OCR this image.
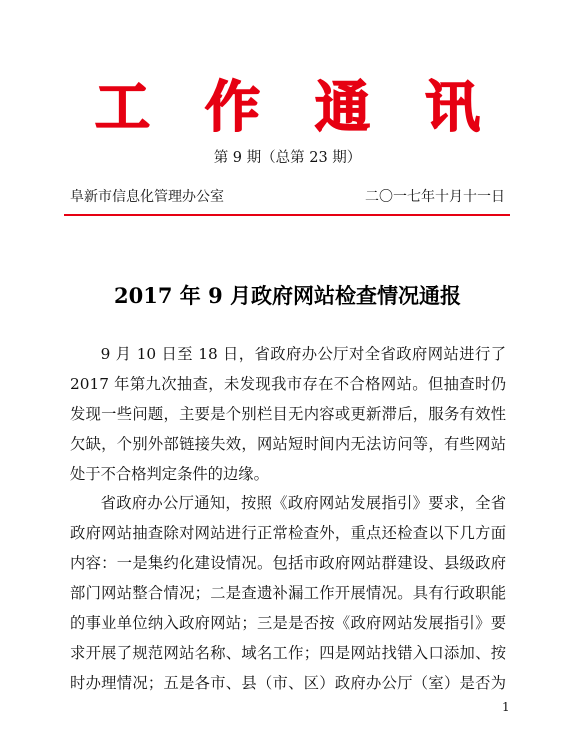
工作通讯
第 9 期（总第 23 期）
阜新市信息化管理办公室	二〇一七年十月十一日
2017 年 9 月政府网站检查情况通报
9 月 10 日至 18 日，省政府办公厅对全省政府网站进行了
2017 年第九次抽查，未发现我市存在不合格网站。但抽查时仍
发现一些问题，主要是个别栏目无内容或更新滞后，服务有效性
欠缺，个别外部链接失效，网站短时间内无法访问等，有些网站
处于不合格判定条件的边缘。
省政府办公厅通知，按照《政府网站发展指引》要求，全省
政府网站抽查除对网站进行正常检查外，重点还检查以下几方面
内容：一是集约化建设情况。包括市政府网站群建设、县级政府
部门网站整合情况；二是查遗补漏工作开展情况。具有行政职能
的事业单位纳入政府网站；三是是否按《政府网站发展指引》要
求开展了规范网站名称、域名工作；四是网站找错入口添加、按
时办理情况；五是各市、县（市、区）政府办公厅（室）是否为
1
